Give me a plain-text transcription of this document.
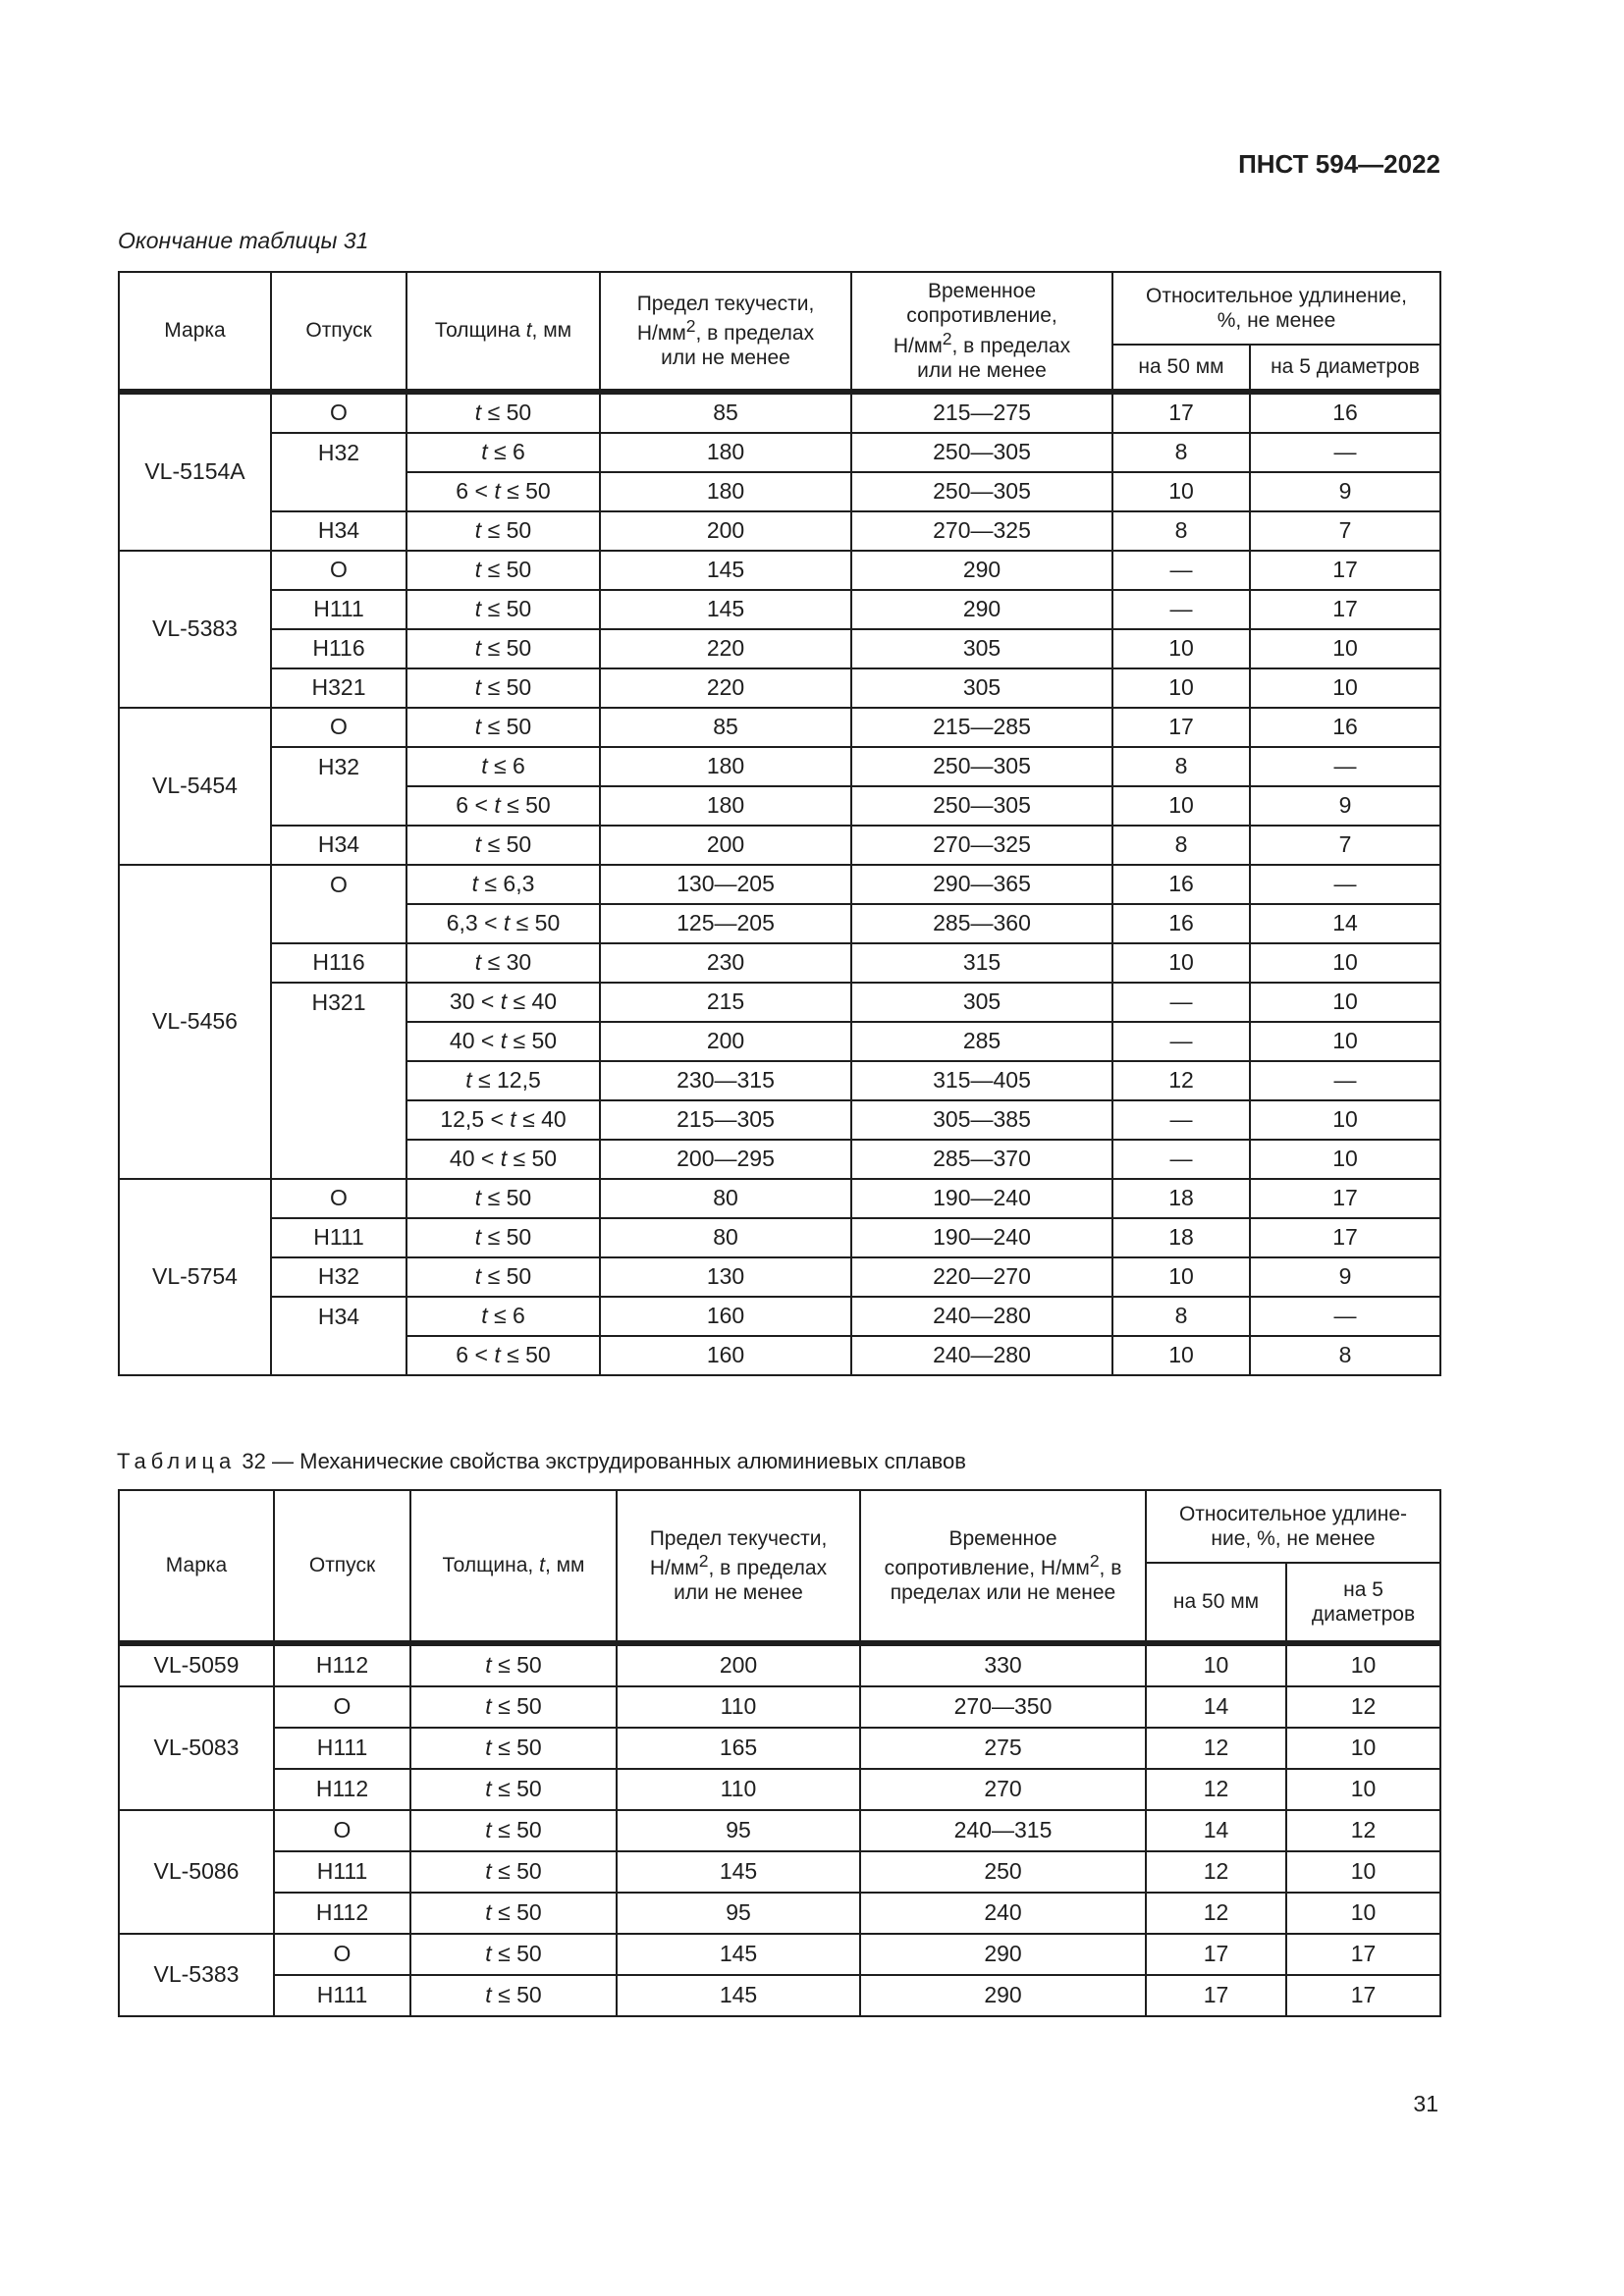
ПНСТ 594—2022
Окончание таблицы 31
Марка	Отпуск	Толщина t, мм	Предел текучести,
$Н/мм^2$, в пределах
или не менее	Временное
сопротивление,
$Н/мм^2$, в пределах
или не менее	Относительное удлинение,
%, не менее	
					на 50 мм	на 5 диаметров
VL-5154A	O	t ≤ 50	85	215—275	17	16
	H32	t ≤ 6	180	250—305	8	—
		6 < t ≤ 50	180	250—305	10	9
	H34	t ≤ 50	200	270—325	8	7
VL-5383	O	t ≤ 50	145	290	—	17
	H111	t ≤ 50	145	290	—	17
	H116	t ≤ 50	220	305	10	10
	H321	t ≤ 50	220	305	10	10
VL-5454	O	t ≤ 50	85	215—285	17	16
	H32	t ≤ 6	180	250—305	8	—
		6 < t ≤ 50	180	250—305	10	9
	H34	t ≤ 50	200	270—325	8	7
VL-5456	O	t ≤ 6,3	130—205	290—365	16	—
		6,3 < t ≤ 50	125—205	285—360	16	14
	H116	t ≤ 30	230	315	10	10
	H321	30 < t ≤ 40	215	305	—	10
		40 < t ≤ 50	200	285	—	10
		t ≤ 12,5	230—315	315—405	12	—
		12,5 < t ≤ 40	215—305	305—385	—	10
		40 < t ≤ 50	200—295	285—370	—	10
VL-5754	O	t ≤ 50	80	190—240	18	17
	H111	t ≤ 50	80	190—240	18	17
	H32	t ≤ 50	130	220—270	10	9
	H34	t ≤ 6	160	240—280	8	—
		6 < t ≤ 50	160	240—280	10	8
Таблица 32 — Механические свойства экструдированных алюминиевых сплавов
Марка	Отпуск	Толщина, t, мм	Предел текучести,
$Н/мм^2$, в пределах
или не менее	Временное
сопротивление, $Н/мм^2$, в
пределах или не менее	Относительное удлине-
ние, %, не менее	
					на 50 мм	на 5
диаметров
VL-5059	H112	t ≤ 50	200	330	10	10
VL-5083	O	t ≤ 50	110	270—350	14	12
	H111	t ≤ 50	165	275	12	10
	H112	t ≤ 50	110	270	12	10
VL-5086	O	t ≤ 50	95	240—315	14	12
	H111	t ≤ 50	145	250	12	10
	H112	t ≤ 50	95	240	12	10
VL-5383	O	t ≤ 50	145	290	17	17
	H111	t ≤ 50	145	290	17	17
31
